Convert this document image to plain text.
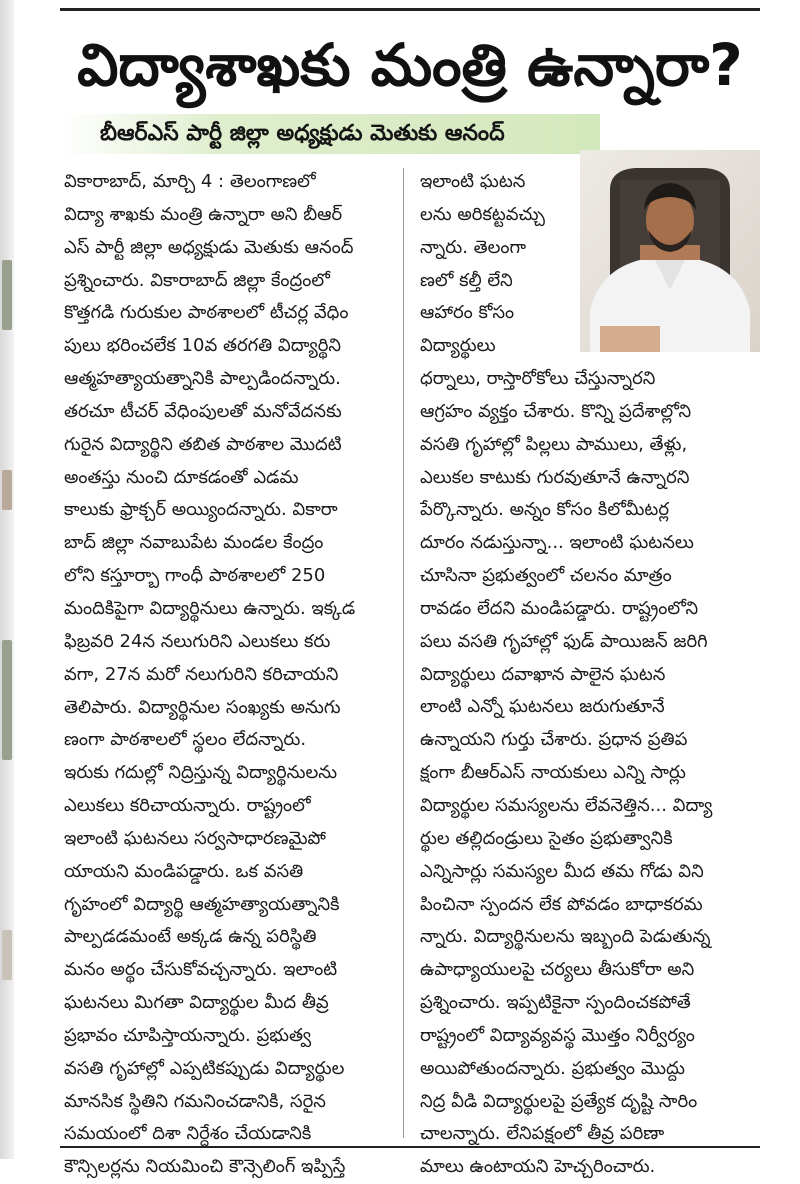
విద్యాశాఖకు మంత్రి ఉన్నారా?
బీఆర్ఎస్ పార్టీ జిల్లా అధ్యక్షుడు మెతుకు ఆనంద్
వికారాబాద్, మార్చి 4 : తెలంగాణలో
విద్యా శాఖకు మంత్రి ఉన్నారా అని బీఆర్
ఎస్ పార్టీ జిల్లా అధ్యక్షుడు మెతుకు ఆనంద్
ప్రశ్నించారు. వికారాబాద్ జిల్లా కేంద్రంలో
కొత్తగడి గురుకుల పాఠశాలలో టీచర్ల వేధిం
పులు భరించలేక 10వ తరగతి విద్యార్థిని
ఆత్మహత్యాయత్నానికి పాల్పడిందన్నారు.
తరచూ టీచర్ వేధింపులతో మనోవేదనకు
గురైన విద్యార్థిని తబిత పాఠశాల మొదటి
అంతస్తు నుంచి దూకడంతో ఎడమ
కాలుకు ఫ్రాక్చర్ అయ్యిందన్నారు. వికారా
బాద్ జిల్లా నవాబుపేట మండల కేంద్రం
లోని కస్తూర్బా గాంధీ పాఠశాలలో 250
మందికిపైగా విద్యార్థినులు ఉన్నారు. ఇక్కడ
ఫిబ్రవరి 24న నలుగురిని ఎలుకలు కరు
వగా, 27న మరో నలుగురిని కరిచాయని
తెలిపారు. విద్యార్థినుల సంఖ్యకు అనుగు
ణంగా పాఠశాలలో స్థలం లేదన్నారు.
ఇరుకు గదుల్లో నిద్రిస్తున్న విద్యార్థినులను
ఎలుకలు కరిచాయన్నారు. రాష్ట్రంలో
ఇలాంటి ఘటనలు సర్వసాధారణమైపో
యాయని మండిపడ్డారు. ఒక వసతి
గృహంలో విద్యార్థి ఆత్మహత్యాయత్నానికి
పాల్పడడమంటే అక్కడ ఉన్న పరిస్థితి
మనం అర్థం చేసుకోవచ్చన్నారు. ఇలాంటి
ఘటనలు మిగతా విద్యార్థుల మీద తీవ్ర
ప్రభావం చూపిస్తాయన్నారు. ప్రభుత్వ
వసతి గృహాల్లో ఎప్పటికప్పుడు విద్యార్థుల
మానసిక స్థితిని గమనించడానికి, సరైన
సమయంలో దిశా నిర్దేశం చేయడానికి
కౌన్సిలర్లను నియమించి కౌన్సెలింగ్ ఇప్పిస్తే
ఇలాంటి ఘటన
లను అరికట్టవచ్చు
న్నారు. తెలంగా
ణలో కల్తీ లేని
ఆహారం కోసం
విద్యార్థులు
ధర్నాలు, రాస్తారోకోలు చేస్తున్నారని
ఆగ్రహం వ్యక్తం చేశారు. కొన్ని ప్రదేశాల్లోని
వసతి గృహాల్లో పిల్లలు పాములు, తేళ్లు,
ఎలుకల కాటుకు గురవుతూనే ఉన్నారని
పేర్కొన్నారు. అన్నం కోసం కిలోమీటర్ల
దూరం నడుస్తున్నా... ఇలాంటి ఘటనలు
చూసినా ప్రభుత్వంలో చలనం మాత్రం
రావడం లేదని మండిపడ్డారు. రాష్ట్రంలోని
పలు వసతి గృహాల్లో ఫుడ్ పాయిజన్ జరిగి
విద్యార్థులు దవాఖాన పాలైన ఘటన
లాంటి ఎన్నో ఘటనలు జరుగుతూనే
ఉన్నాయని గుర్తు చేశారు. ప్రధాన ప్రతిప
క్షంగా బీఆర్ఎస్ నాయకులు ఎన్ని సార్లు
విద్యార్థుల సమస్యలను లేవనెత్తిన... విద్యా
ర్థుల తల్లిదండ్రులు సైతం ప్రభుత్వానికి
ఎన్నిసార్లు సమస్యల మీద తమ గోడు విని
పించినా స్పందన లేక పోవడం బాధాకరమ
న్నారు. విద్యార్థినులను ఇబ్బంది పెడుతున్న
ఉపాధ్యాయులపై చర్యలు తీసుకోరా అని
ప్రశ్నించారు. ఇప్పటికైనా స్పందించకపోతే
రాష్ట్రంలో విద్యావ్యవస్థ మొత్తం నిర్వీర్యం
అయిపోతుందన్నారు. ప్రభుత్వం మొద్దు
నిద్ర వీడి విద్యార్థులపై ప్రత్యేక దృష్టి సారిం
చాలన్నారు. లేనిపక్షంలో తీవ్ర పరిణా
మాలు ఉంటాయని హెచ్చరించారు.
